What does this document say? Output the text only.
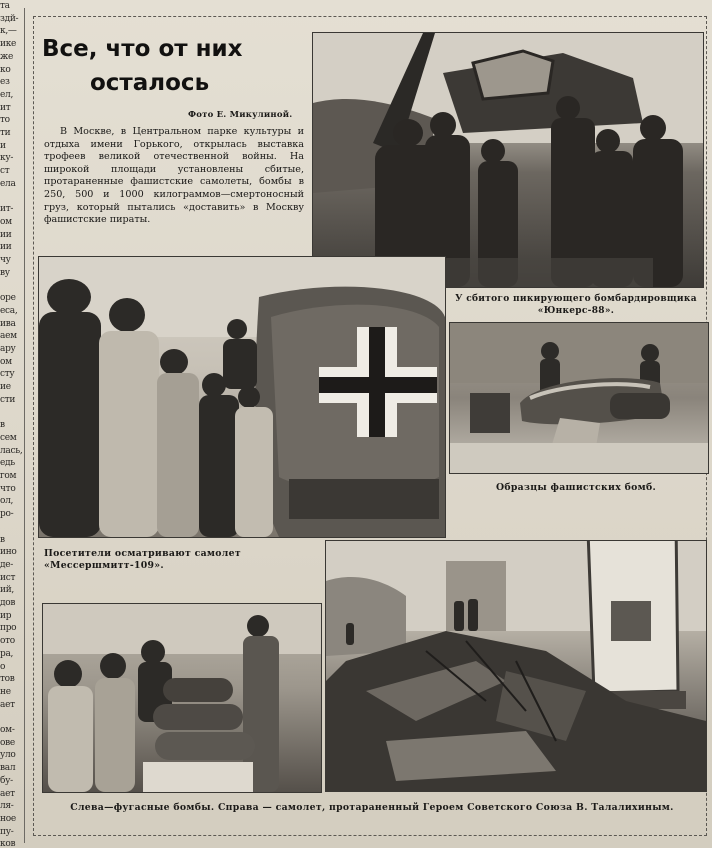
та
здй-
к,—
ике
же
ко
ез
ел,
ит
то
ти
и
ку-
ст
ела

ит-
ом
ии
ии
чу
ву

оре
еса,
ива
аем
ару
ом
сту
ие
сти

в
сем
лась,
едь
гом
что
ол,
ро-

в
ино
де-
ист
ий,
дов
ир
про
ото
ра,
о
тов
не
ает

ом-
ове
уло
вал
бу-
ает
ля-
ное
пу-
ков
Все, что от них
осталось
Фото Е. Микулиной.

В Москве, в Центральном парке культуры и отдыха имени Горького, открылась выставка трофеев великой отечественной войны. На широкой площади установлены сбитые, протараненные фашистские самолеты, бомбы в 250, 500 и 1000 килограммов—смертоносный груз, который пытались «доставить» в Москву фашистские пираты.

У сбитого пикирующего бомбардировщика «Юнкерс-88».
Образцы фашистских бомб.
Посетители осматривают самолет «Мессершмитт-109».
Слева—фугасные бомбы. Справа — самолет, протараненный Героем Советского Союза В. Талалихиным.
